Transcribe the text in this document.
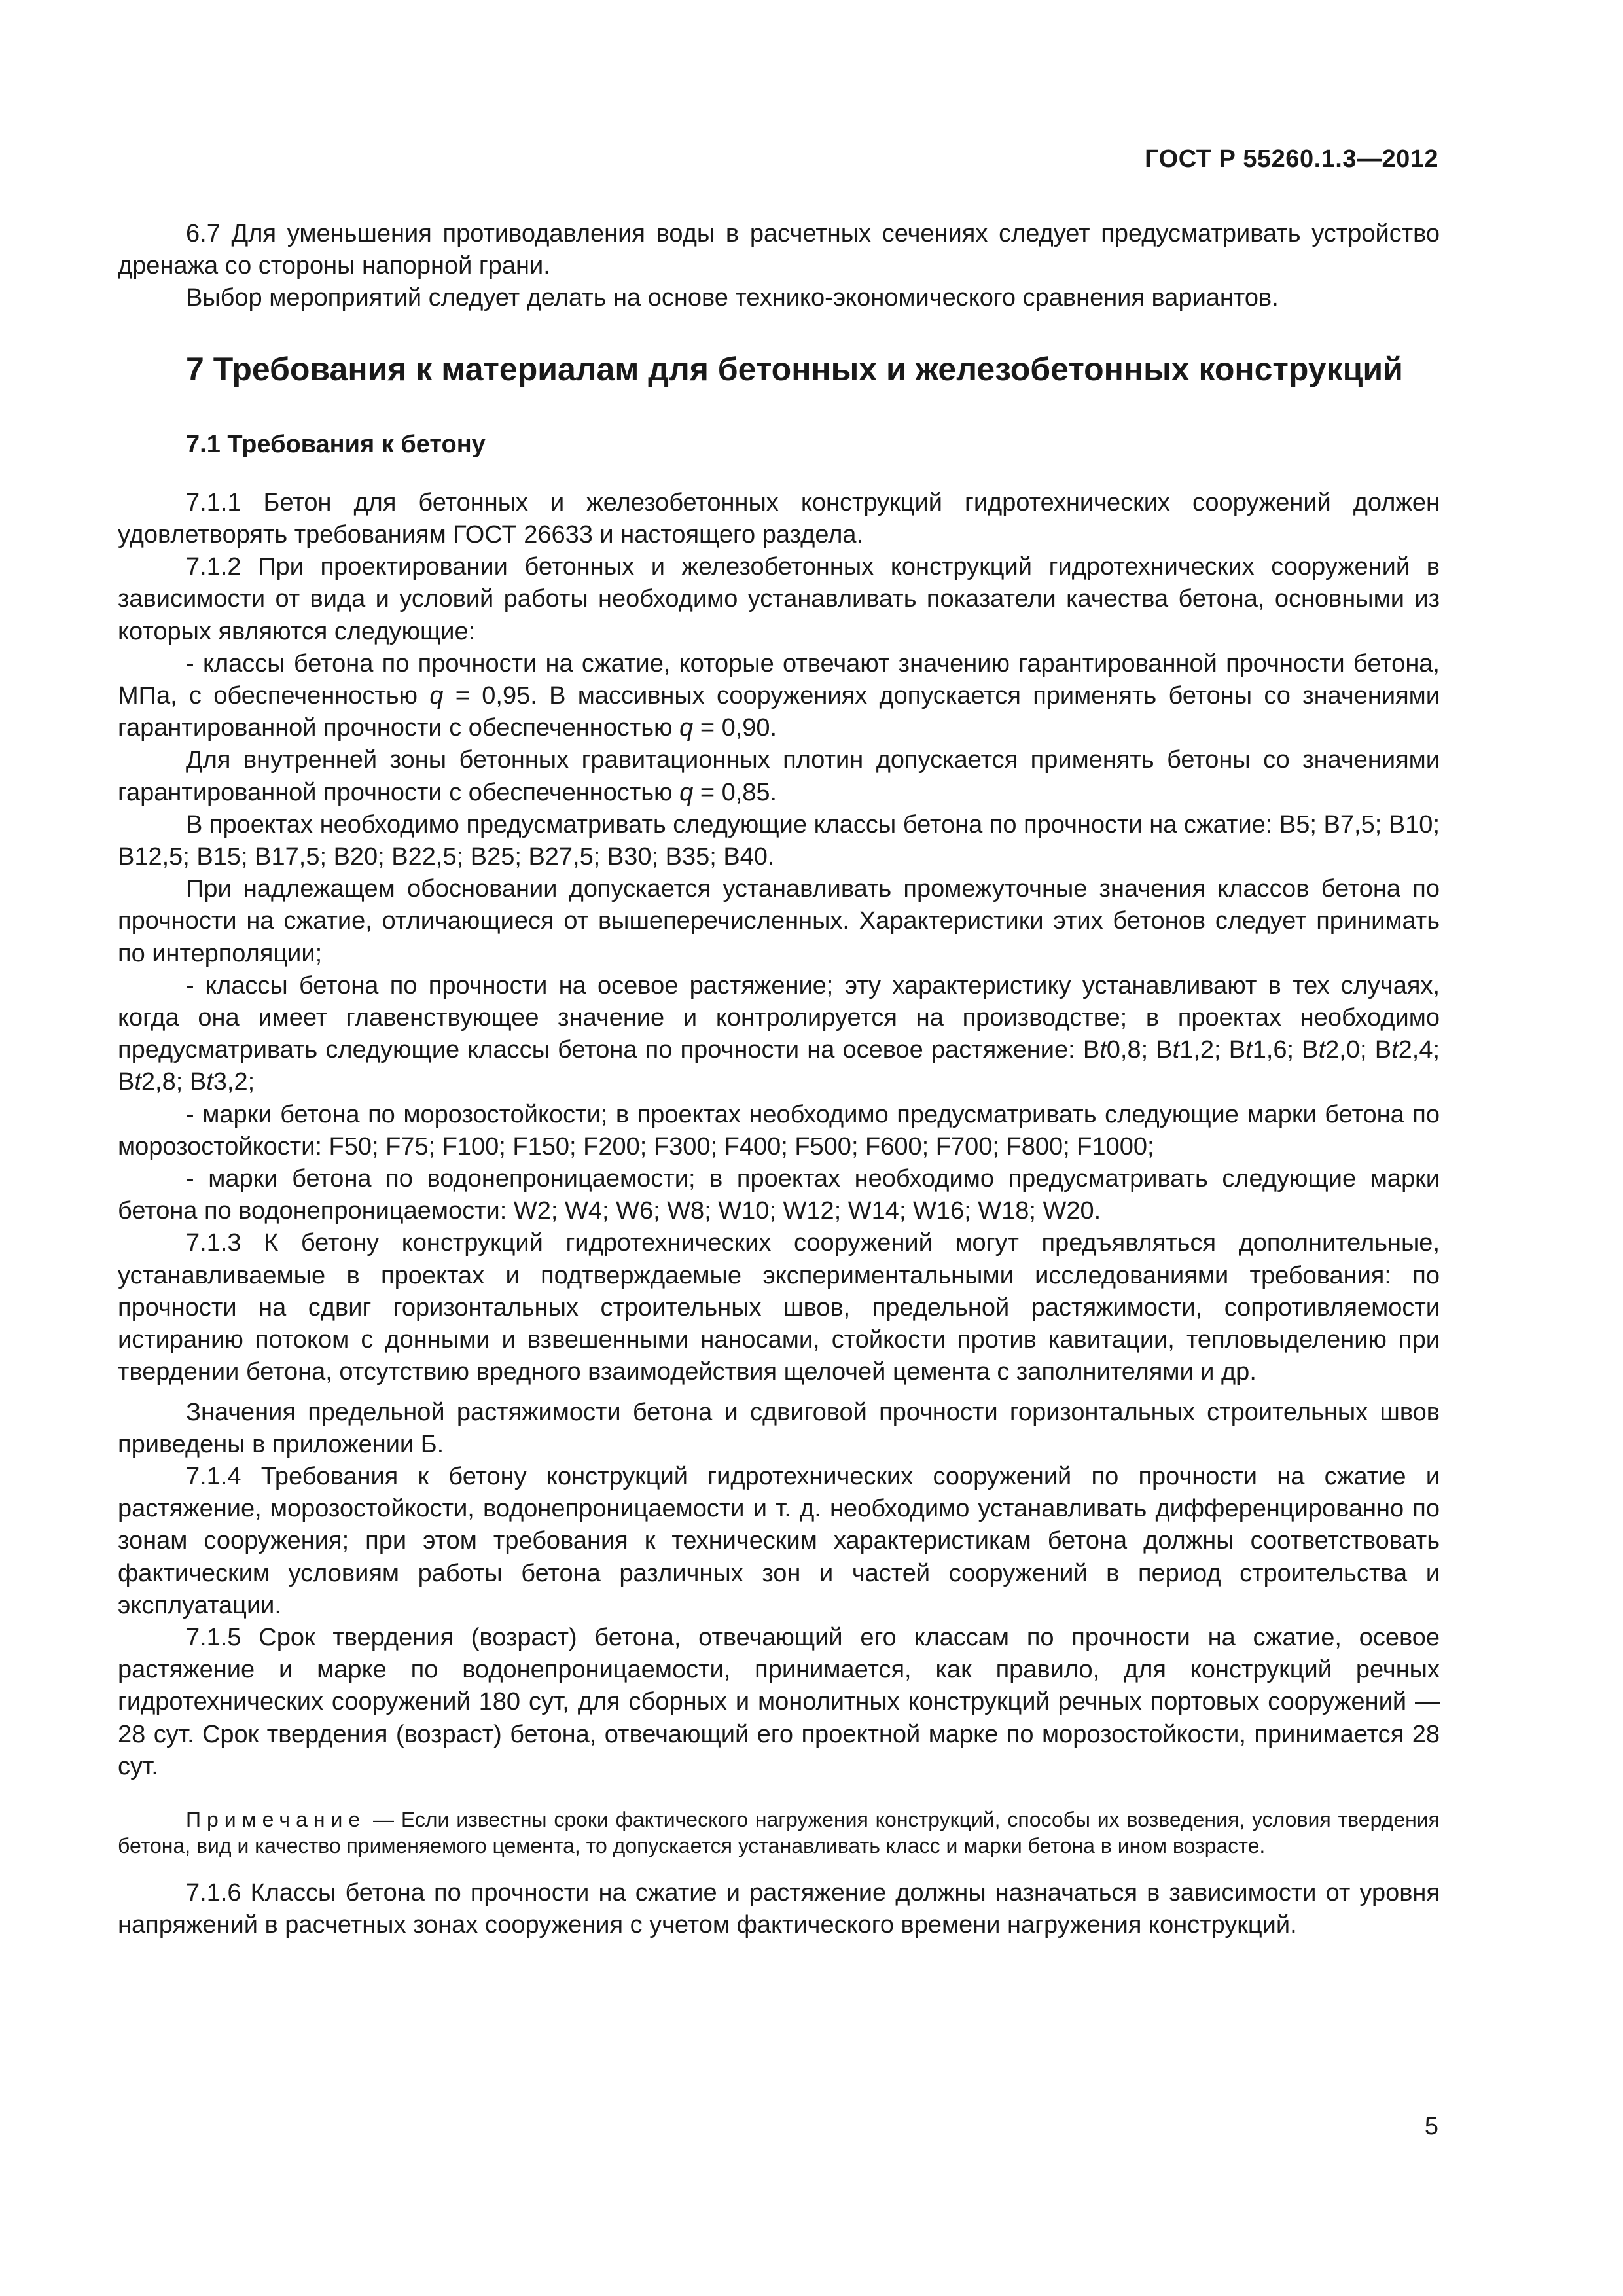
ГОСТ Р 55260.1.3—2012

6.7 Для уменьшения противодавления воды в расчетных сечениях следует предусматривать устройство дренажа со стороны напорной грани.

Выбор мероприятий следует делать на основе технико-экономического сравнения вариантов.

7 Требования к материалам для бетонных и железобетонных конструкций
7.1 Требования к бетону

7.1.1 Бетон для бетонных и железобетонных конструкций гидротехнических сооружений должен удовлетворять требованиям ГОСТ 26633 и настоящего раздела.

7.1.2 При проектировании бетонных и железобетонных конструкций гидротехнических сооружений в зависимости от вида и условий работы необходимо устанавливать показатели качества бетона, основными из которых являются следующие:

- классы бетона по прочности на сжатие, которые отвечают значению гарантированной прочности бетона, МПа, с обеспеченностью q = 0,95. В массивных сооружениях допускается применять бетоны со значениями гарантированной прочности с обеспеченностью q = 0,90.

Для внутренней зоны бетонных гравитационных плотин допускается применять бетоны со значениями гарантированной прочности с обеспеченностью q = 0,85.

В проектах необходимо предусматривать следующие классы бетона по прочности на сжатие: B5; B7,5; B10; B12,5; B15; B17,5; B20; B22,5; B25; B27,5; B30; B35; B40.

При надлежащем обосновании допускается устанавливать промежуточные значения классов бетона по прочности на сжатие, отличающиеся от вышеперечисленных. Характеристики этих бетонов следует принимать по интерполяции;

- классы бетона по прочности на осевое растяжение; эту характеристику устанавливают в тех случаях, когда она имеет главенствующее значение и контролируется на производстве; в проектах необходимо предусматривать следующие классы бетона по прочности на осевое растяжение: Bt0,8; Bt1,2; Bt1,6; Bt2,0; Bt2,4; Bt2,8; Bt3,2;

- марки бетона по морозостойкости; в проектах необходимо предусматривать следующие марки бетона по морозостойкости: F50; F75; F100; F150; F200; F300; F400; F500; F600; F700; F800; F1000;

- марки бетона по водонепроницаемости; в проектах необходимо предусматривать следующие марки бетона по водонепроницаемости: W2; W4; W6; W8; W10; W12; W14; W16; W18; W20.

7.1.3 К бетону конструкций гидротехнических сооружений могут предъявляться дополнительные, устанавливаемые в проектах и подтверждаемые экспериментальными исследованиями требования: по прочности на сдвиг горизонтальных строительных швов, предельной растяжимости, сопротивляемости истиранию потоком с донными и взвешенными наносами, стойкости против кавитации, тепловыделению при твердении бетона, отсутствию вредного взаимодействия щелочей цемента с заполнителями и др.

Значения предельной растяжимости бетона и сдвиговой прочности горизонтальных строительных швов приведены в приложении Б.

7.1.4 Требования к бетону конструкций гидротехнических сооружений по прочности на сжатие и растяжение, морозостойкости, водонепроницаемости и т. д. необходимо устанавливать дифференцированно по зонам сооружения; при этом требования к техническим характеристикам бетона должны соответствовать фактическим условиям работы бетона различных зон и частей сооружений в период строительства и эксплуатации.

7.1.5 Срок твердения (возраст) бетона, отвечающий его классам по прочности на сжатие, осевое растяжение и марке по водонепроницаемости, принимается, как правило, для конструкций речных гидротехнических сооружений 180 сут, для сборных и монолитных конструкций речных портовых сооружений — 28 сут. Срок твердения (возраст) бетона, отвечающий его проектной марке по морозостойкости, принимается 28 сут.

Примечание — Если известны сроки фактического нагружения конструкций, способы их возведения, условия твердения бетона, вид и качество применяемого цемента, то допускается устанавливать класс и марки бетона в ином возрасте.

7.1.6 Классы бетона по прочности на сжатие и растяжение должны назначаться в зависимости от уровня напряжений в расчетных зонах сооружения с учетом фактического времени нагружения конструкций.

5
